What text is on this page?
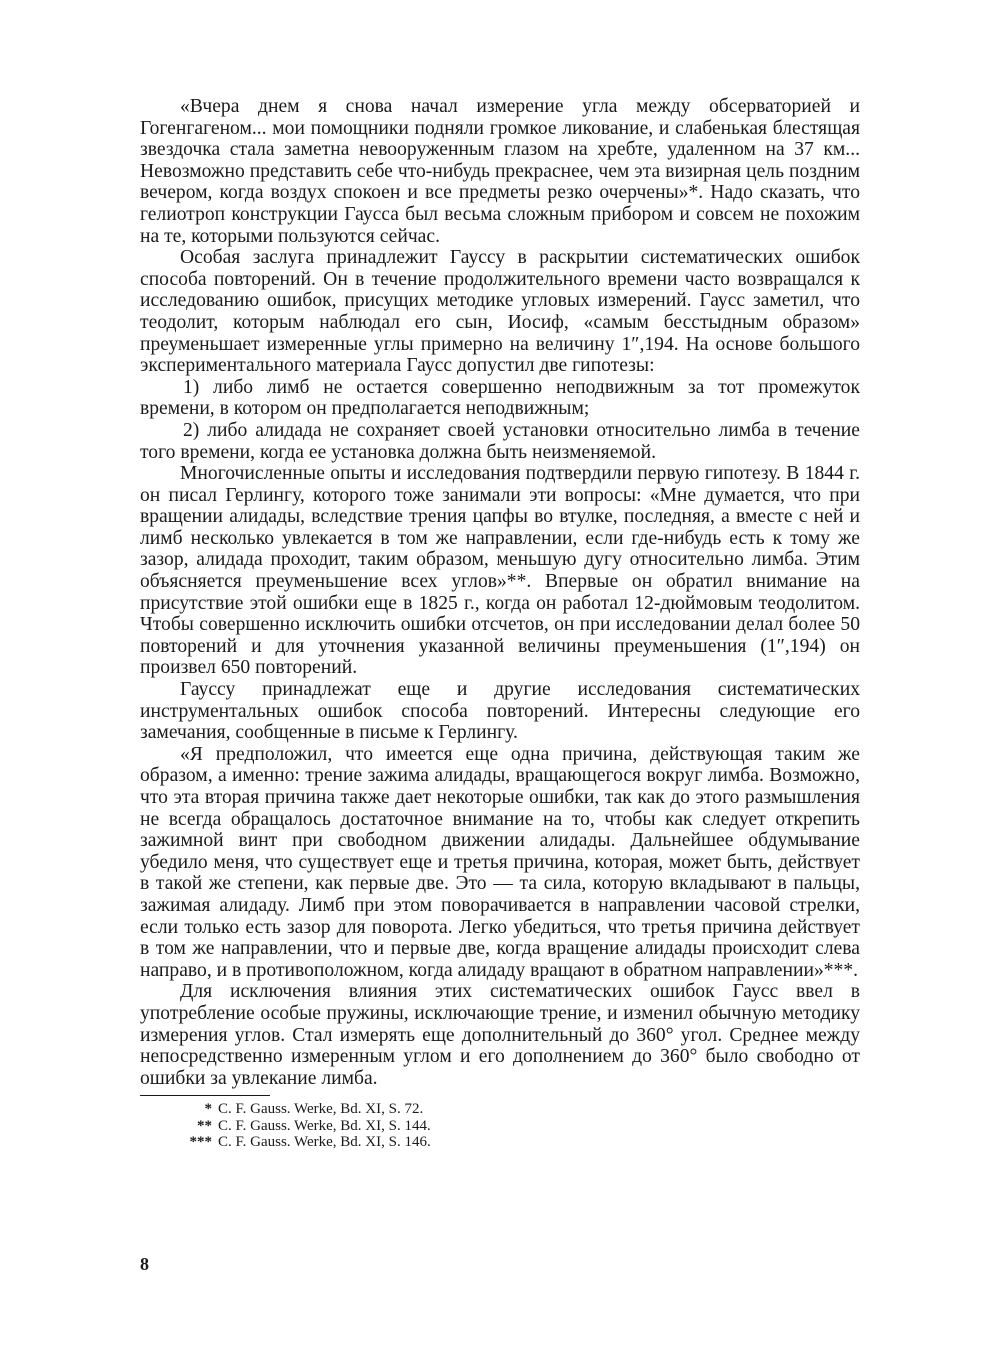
«Вчера днем я снова начал измерение угла между обсерваторией и Гогенгагеном... мои помощники подняли громкое ликование, и слабенькая блестящая звездочка стала заметна невооруженным глазом на хребте, удаленном на 37 км... Невозможно представить себе что-нибудь прекраснее, чем эта визирная цель поздним вечером, когда воздух спокоен и все предметы резко очерчены»*. Надо сказать, что гелиотроп конструкции Гаусса был весьма сложным прибором и совсем не похожим на те, которыми пользуются сейчас.

Особая заслуга принадлежит Гауссу в раскрытии систематических ошибок способа повторений. Он в течение продолжительного времени часто возвращался к исследованию ошибок, присущих методике угловых измерений. Гаусс заметил, что теодолит, которым наблюдал его сын, Иосиф, «самым бесстыдным образом» преуменьшает измеренные углы примерно на величину 1″,194. На основе большого экспериментального материала Гаусс допустил две гипотезы:

1) либо лимб не остается совершенно неподвижным за тот промежуток времени, в котором он предполагается неподвижным;

2) либо алидада не сохраняет своей установки относительно лимба в течение того времени, когда ее установка должна быть неизменяемой.

Многочисленные опыты и исследования подтвердили первую гипотезу. В 1844 г. он писал Герлингу, которого тоже занимали эти вопросы: «Мне думается, что при вращении алидады, вследствие трения цапфы во втулке, последняя, а вместе с ней и лимб несколько увлекается в том же направлении, если где-нибудь есть к тому же зазор, алидада проходит, таким образом, меньшую дугу относительно лимба. Этим объясняется преуменьшение всех углов»**. Впервые он обратил внимание на присутствие этой ошибки еще в 1825 г., когда он работал 12-дюймовым теодолитом. Чтобы совершенно исключить ошибки отсчетов, он при исследовании делал более 50 повторений и для уточнения указанной величины преуменьшения (1″,194) он произвел 650 повторений.

Гауссу принадлежат еще и другие исследования систематических инструментальных ошибок способа повторений. Интересны следующие его замечания, сообщенные в письме к Герлингу.

«Я предположил, что имеется еще одна причина, действующая таким же образом, а именно: трение зажима алидады, вращающегося вокруг лимба. Возможно, что эта вторая причина также дает некоторые ошибки, так как до этого размышления не всегда обращалось достаточное внимание на то, чтобы как следует открепить зажимной винт при свободном движении алидады. Дальнейшее обдумывание убедило меня, что существует еще и третья причина, которая, может быть, действует в такой же степени, как первые две. Это — та сила, которую вкладывают в пальцы, зажимая алидаду. Лимб при этом поворачивается в направлении часовой стрелки, если только есть зазор для поворота. Легко убедиться, что третья причина действует в том же направлении, что и первые две, когда вращение алидады происходит слева направо, и в противоположном, когда алидаду вращают в обратном направлении»***.

Для исключения влияния этих систематических ошибок Гаусс ввел в употребление особые пружины, исключающие трение, и изменил обычную методику измерения углов. Стал измерять еще дополнительный до 360° угол. Среднее между непосредственно измеренным углом и его дополнением до 360° было свободно от ошибки за увлекание лимба.

* C. F. Gauss. Werke, Bd. XI, S. 72.
** C. F. Gauss. Werke, Bd. XI, S. 144.
*** C. F. Gauss. Werke, Bd. XI, S. 146.
8
